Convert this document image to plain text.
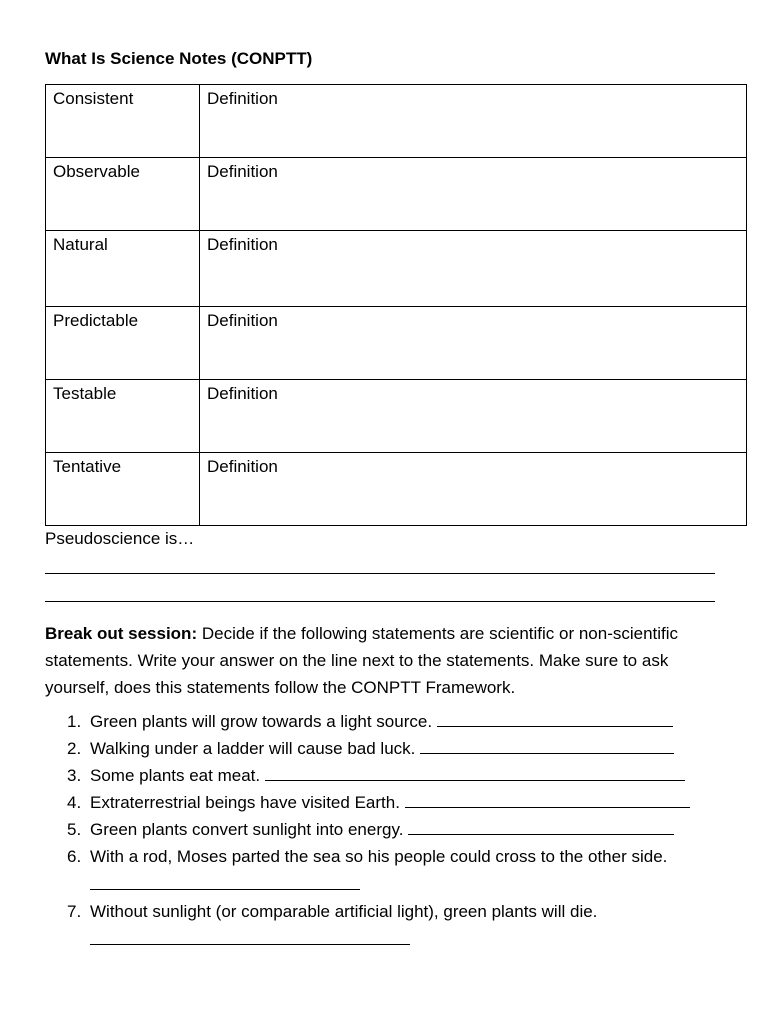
What Is Science Notes (CONPTT)
Consistent	Definition
Observable	Definition
Natural	Definition
Predictable	Definition
Testable	Definition
Tentative	Definition
Pseudoscience is…
Break out session: Decide if the following statements are scientific or non-scientific statements. Write your answer on the line next to the statements. Make sure to ask yourself, does this statements follow the CONPTT Framework.
1. Green plants will grow towards a light source.
2. Walking under a ladder will cause bad luck.
3. Some plants eat meat.
4. Extraterrestrial beings have visited Earth.
5. Green plants convert sunlight into energy.
6. With a rod, Moses parted the sea so his people could cross to the other side.
7. Without sunlight (or comparable artificial light), green plants will die.
